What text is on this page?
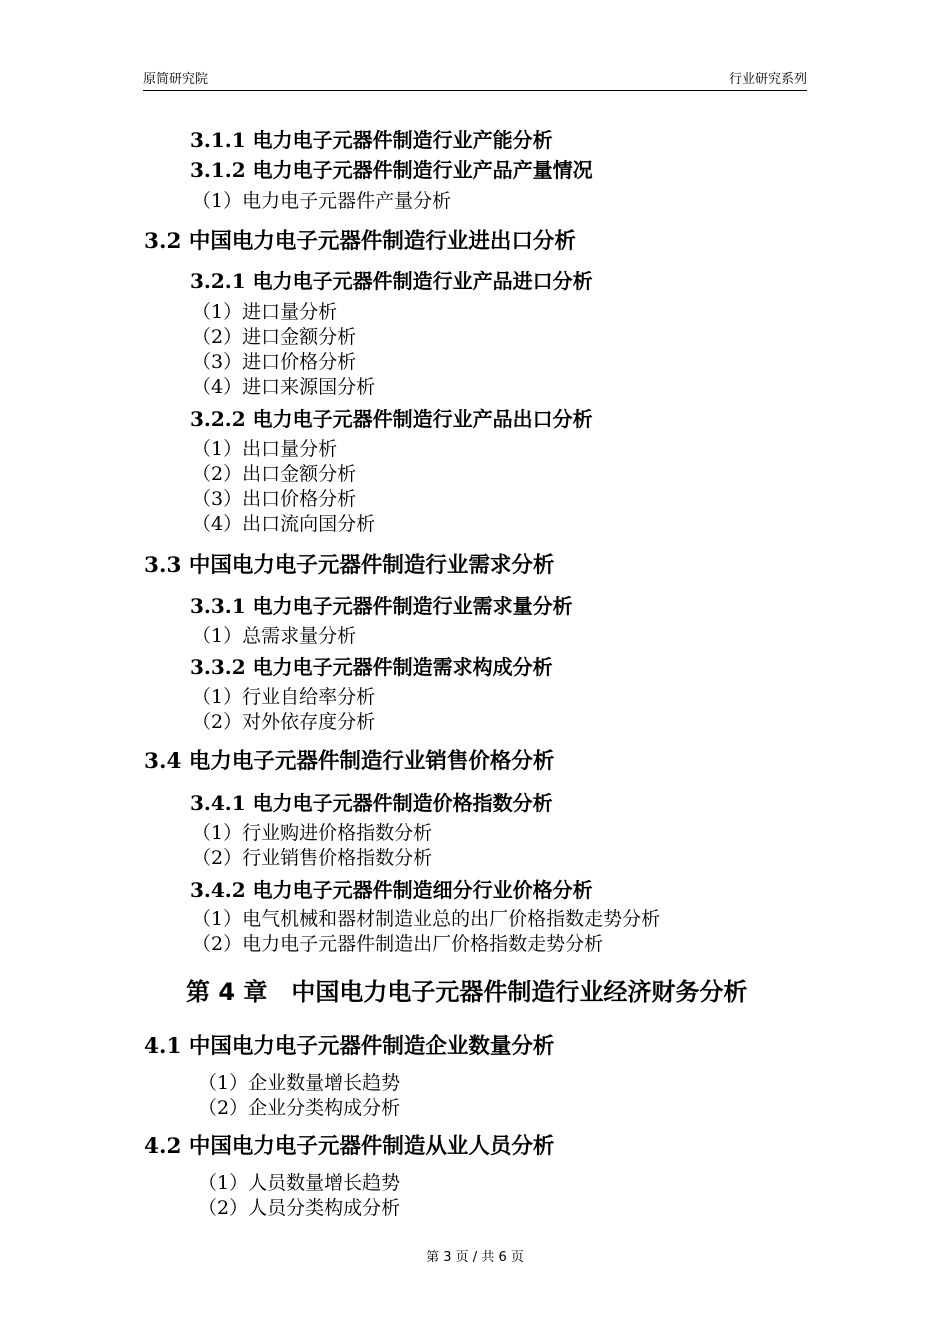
原简研究院	行业研究系列
3.1.1 电力电子元器件制造行业产能分析
3.1.2 电力电子元器件制造行业产品产量情况
（1）电力电子元器件产量分析
3.2 中国电力电子元器件制造行业进出口分析
3.2.1 电力电子元器件制造行业产品进口分析
（1）进口量分析
（2）进口金额分析
（3）进口价格分析
（4）进口来源国分析
3.2.2 电力电子元器件制造行业产品出口分析
（1）出口量分析
（2）出口金额分析
（3）出口价格分析
（4）出口流向国分析
3.3 中国电力电子元器件制造行业需求分析
3.3.1 电力电子元器件制造行业需求量分析
（1）总需求量分析
3.3.2 电力电子元器件制造需求构成分析
（1）行业自给率分析
（2）对外依存度分析
3.4 电力电子元器件制造行业销售价格分析
3.4.1 电力电子元器件制造价格指数分析
（1）行业购进价格指数分析
（2）行业销售价格指数分析
3.4.2 电力电子元器件制造细分行业价格分析
（1）电气机械和器材制造业总的出厂价格指数走势分析
（2）电力电子元器件制造出厂价格指数走势分析
第 4 章　中国电力电子元器件制造行业经济财务分析
4.1 中国电力电子元器件制造企业数量分析
（1）企业数量增长趋势
（2）企业分类构成分析
4.2 中国电力电子元器件制造从业人员分析
（1）人员数量增长趋势
（2）人员分类构成分析
第 3 页 / 共 6 页
